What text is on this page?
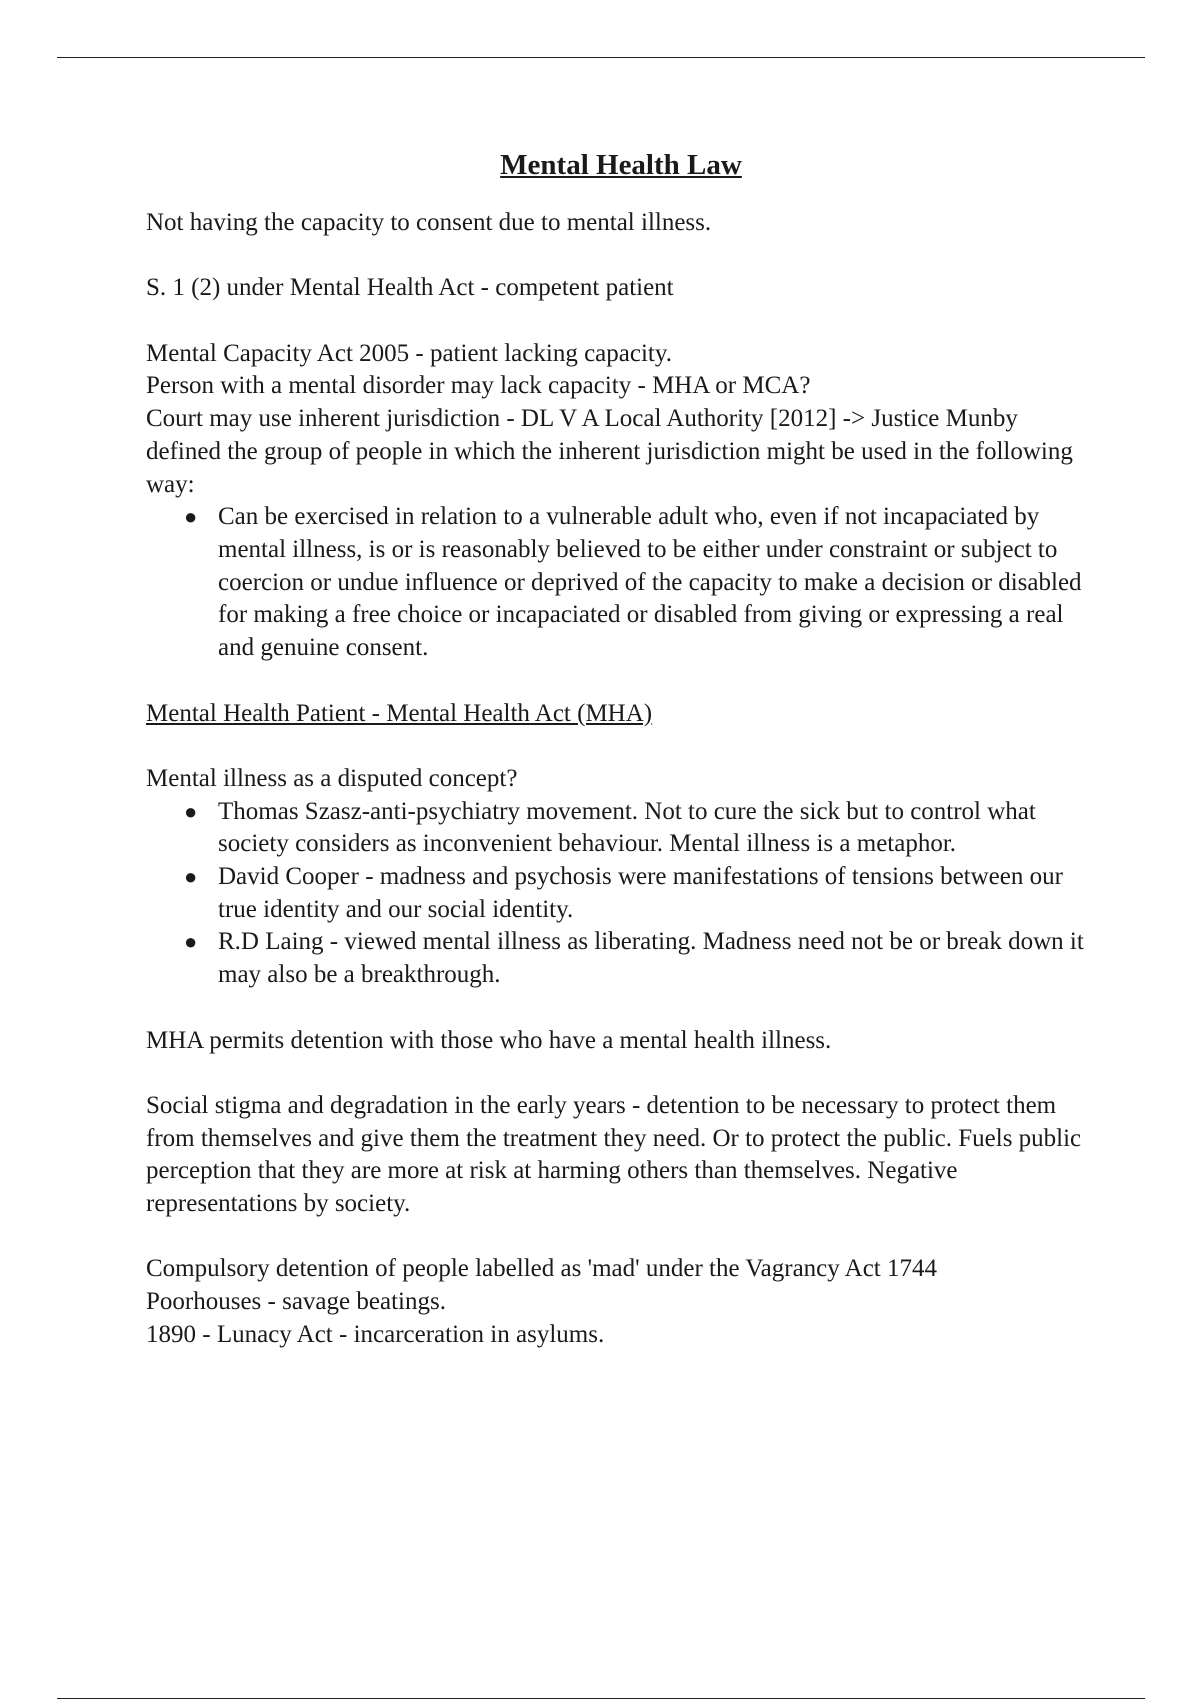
Mental Health Law

Not having the capacity to consent due to mental illness.

S. 1 (2) under Mental Health Act - competent patient

Mental Capacity Act 2005 - patient lacking capacity.

Person with a mental disorder may lack capacity - MHA or MCA?

Court may use inherent jurisdiction - DL V A Local Authority [2012] -> Justice Munby defined the group of people in which the inherent jurisdiction might be used in the following way:

● Can be exercised in relation to a vulnerable adult who, even if not incapaciated by mental illness, is or is reasonably believed to be either under constraint or subject to coercion or undue influence or deprived of the capacity to make a decision or disabled for making a free choice or incapaciated or disabled from giving or expressing a real and genuine consent.

Mental Health Patient - Mental Health Act (MHA)

Mental illness as a disputed concept?

● Thomas Szasz-anti-psychiatry movement. Not to cure the sick but to control what society considers as inconvenient behaviour. Mental illness is a metaphor.
● David Cooper - madness and psychosis were manifestations of tensions between our true identity and our social identity.
● R.D Laing - viewed mental illness as liberating. Madness need not be or break down it may also be a breakthrough.

MHA permits detention with those who have a mental health illness.

Social stigma and degradation in the early years - detention to be necessary to protect them from themselves and give them the treatment they need. Or to protect the public. Fuels public perception that they are more at risk at harming others than themselves. Negative representations by society.

Compulsory detention of people labelled as 'mad' under the Vagrancy Act 1744

Poorhouses - savage beatings.

1890 - Lunacy Act - incarceration in asylums.
